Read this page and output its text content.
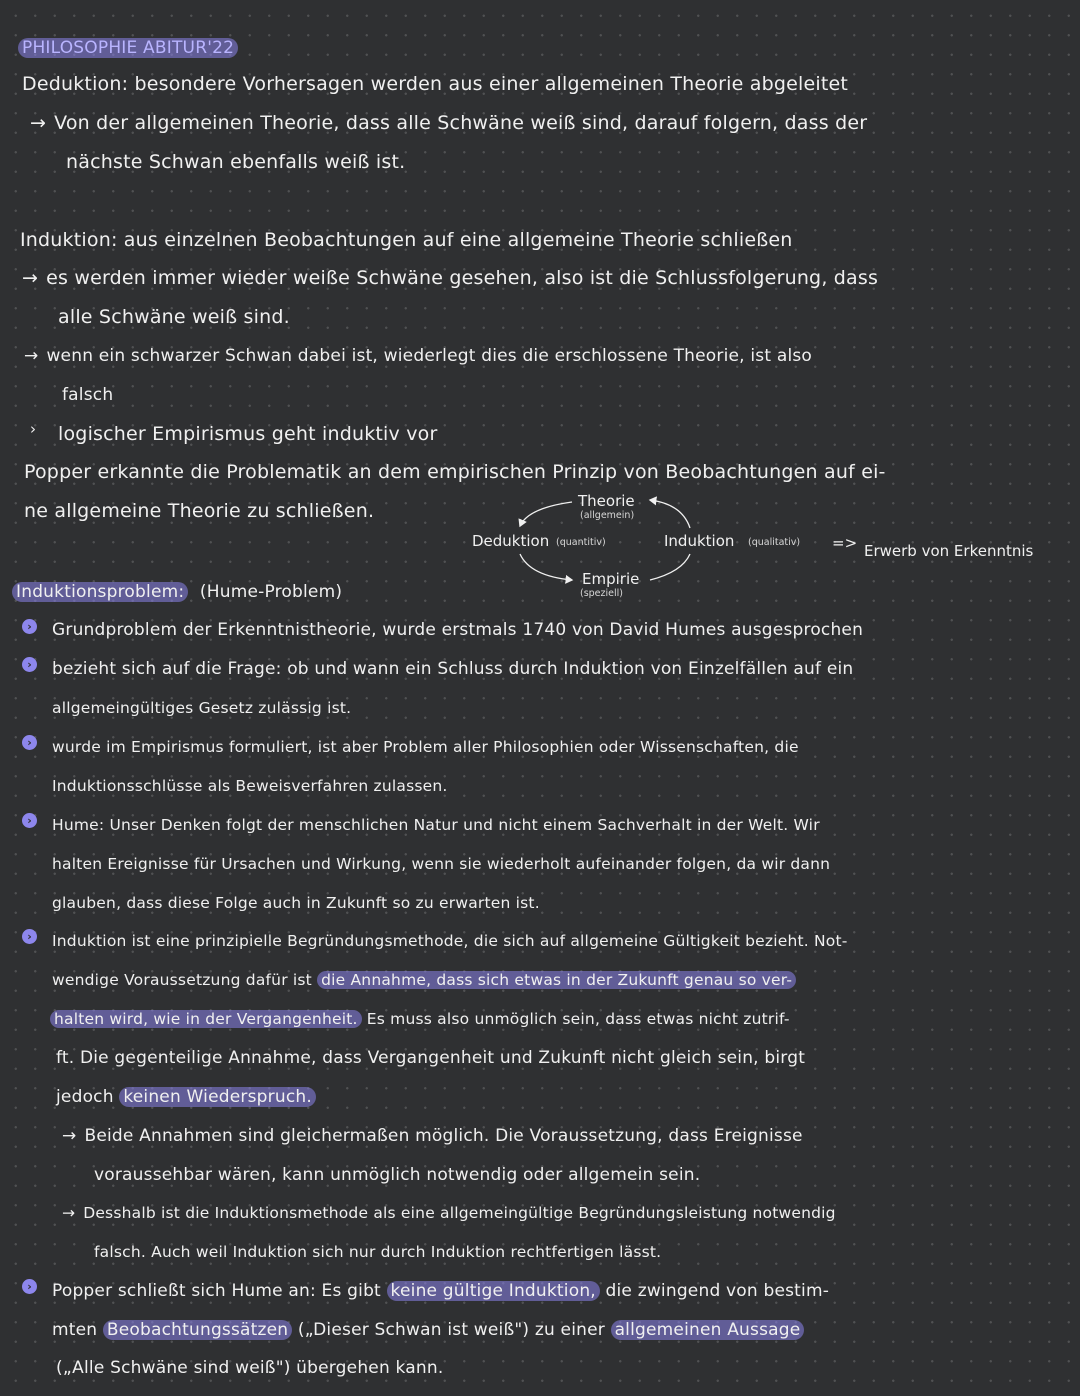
PHILOSOPHIE ABITUR'22
Deduktion: besondere Vorhersagen werden aus einer allgemeinen Theorie abgeleitet
→ Von der allgemeinen Theorie, dass alle Schwäne weiß sind, darauf folgern, dass der
nächste Schwan ebenfalls weiß ist.
Induktion: aus einzelnen Beobachtungen auf eine allgemeine Theorie schließen
→ es werden immer wieder weiße Schwäne gesehen, also ist die Schlussfolgerung, dass
alle Schwäne weiß sind.
→ wenn ein schwarzer Schwan dabei ist, wiederlegt dies die erschlossene Theorie, ist also
falsch
› logischer Empirismus geht induktiv vor
Popper erkannte die Problematik an dem empirischen Prinzip von Beobachtungen auf ei-
ne allgemeine Theorie zu schließen.	Theorie
(allgemein)
Deduktion (quantitiv)	Induktion (qualitativ) => Erwerb von Erkenntnis
Empirie
(speziell)
Induktionsproblem: (Hume-Problem)
›	Grundproblem der Erkenntnistheorie, wurde erstmals 1740 von David Humes ausgesprochen
›	bezieht sich auf die Frage: ob und wann ein Schluss durch Induktion von Einzelfällen auf ein
allgemeingültiges Gesetz zulässig ist.
›	wurde im Empirismus formuliert, ist aber Problem aller Philosophien oder Wissenschaften, die
Induktionsschlüsse als Beweisverfahren zulassen.
›	Hume: Unser Denken folgt der menschlichen Natur und nicht einem Sachverhalt in der Welt. Wir
halten Ereignisse für Ursachen und Wirkung, wenn sie wiederholt aufeinander folgen, da wir dann
glauben, dass diese Folge auch in Zukunft so zu erwarten ist.
›	Induktion ist eine prinzipielle Begründungsmethode, die sich auf allgemeine Gültigkeit bezieht. Not-
wendige Voraussetzung dafür ist die Annahme, dass sich etwas in der Zukunft genau so ver-
halten wird, wie in der Vergangenheit. Es muss also unmöglich sein, dass etwas nicht zutrif-
ft. Die gegenteilige Annahme, dass Vergangenheit und Zukunft nicht gleich sein, birgt
jedoch keinen Wiederspruch.
→ Beide Annahmen sind gleichermaßen möglich. Die Voraussetzung, dass Ereignisse
voraussehbar wären, kann unmöglich notwendig oder allgemein sein.
→ Desshalb ist die Induktionsmethode als eine allgemeingültige Begründungsleistung notwendig
falsch. Auch weil Induktion sich nur durch Induktion rechtfertigen lässt.
›	Popper schließt sich Hume an: Es gibt keine gültige Induktion, die zwingend von bestim-
mten Beobachtungssätzen („Dieser Schwan ist weiß") zu einer allgemeinen Aussage
(„Alle Schwäne sind weiß") übergehen kann.
